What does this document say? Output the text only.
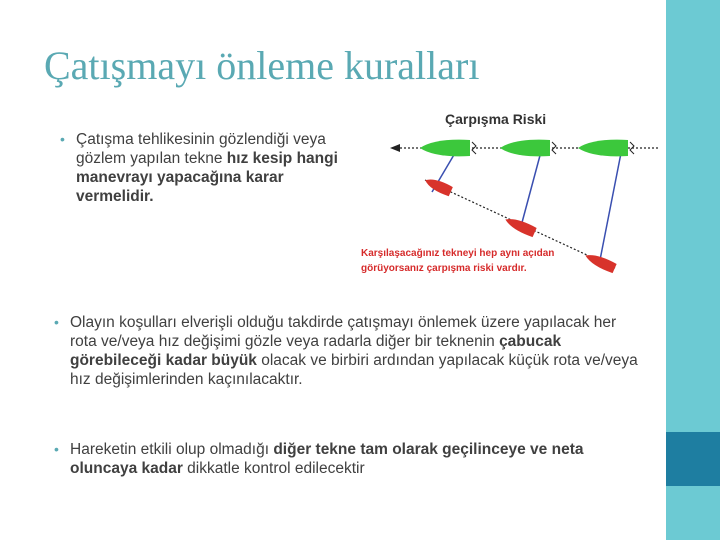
Çatışmayı önleme kuralları
• Çatışma tehlikesinin gözlendiği veya gözlem yapılan tekne hız kesip hangi manevrayı yapacağına karar vermelidir.

Çarpışma Riski
Karşılaşacağınız tekneyi hep aynı açıdan
görüyorsanız çarpışma riski vardır.
• Olayın koşulları elverişli olduğu takdirde çatışmayı önlemek üzere yapılacak her rota ve/veya hız değişimi gözle veya radarla diğer bir teknenin çabucak görebileceği kadar büyük olacak ve birbiri ardından yapılacak küçük rota ve/veya hız değişimlerinden kaçınılacaktır.

• Hareketin etkili olup olmadığı diğer tekne tam olarak geçilinceye ve neta oluncaya kadar dikkatle kontrol edilecektir
